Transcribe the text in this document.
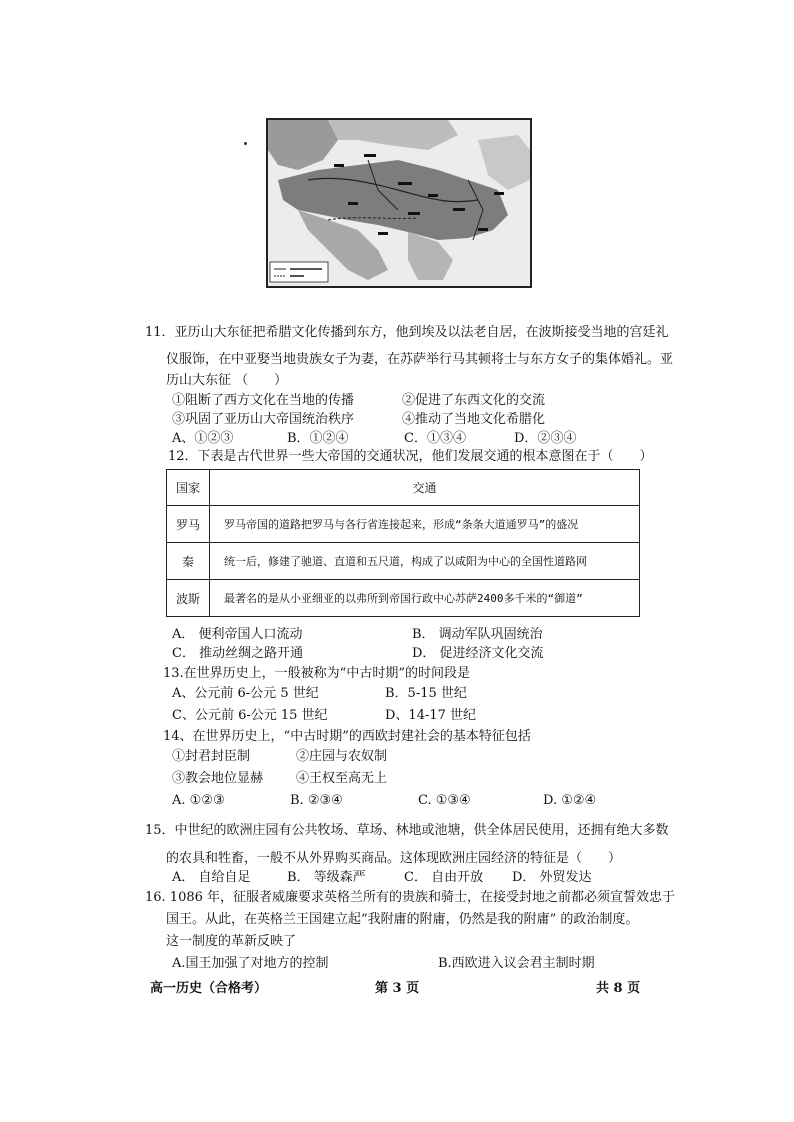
11．亚历山大东征把希腊文化传播到东方，他到埃及以法老自居，在波斯接受当地的宫廷礼
仪服饰，在中亚娶当地贵族女子为妻，在苏萨举行马其顿将士与东方女子的集体婚礼。亚
历山大东征 （　　）
①阻断了西方文化在当地的传播	②促进了东西文化的交流
③巩固了亚历山大帝国统治秩序	④推动了当地文化希腊化
A、①②③	B．①②④	C．①③④	D．②③④
12．下表是古代世界一些大帝国的交通状况，他们发展交通的根本意图在于（　　）
国家	交通
罗马	罗马帝国的道路把罗马与各行省连接起来，形成“条条大道通罗马”的盛况
秦	统一后，修建了驰道、直道和五尺道，构成了以咸阳为中心的全国性道路网
波斯	最著名的是从小亚细亚的以弗所到帝国行政中心苏萨2400多千米的“御道”
A． 便利帝国人口流动	B． 调动军队巩固统治
C． 推动丝绸之路开通	D． 促进经济文化交流
13.在世界历史上，一般被称为“中古时期”的时间段是
A、公元前 6-公元 5 世纪	B．5-15 世纪
C、公元前 6-公元 15 世纪	D、14-17 世纪
14、在世界历史上，“中古时期”的西欧封建社会的基本特征包括
①封君封臣制	②庄园与农奴制
③教会地位显赫	④王权至高无上
A. ①②③	B. ②③④	C. ①③④	D. ①②④
15．中世纪的欧洲庄园有公共牧场、草场、林地或池塘，供全体居民使用，还拥有绝大多数
的农具和牲畜，一般不从外界购买商品。这体现欧洲庄园经济的特征是（　　）
A． 自给自足	B． 等级森严	C． 自由开放 D． 外贸发达
16. 1086 年，征服者威廉要求英格兰所有的贵族和骑士，在接受封地之前都必须宣誓效忠于
国王。从此，在英格兰王国建立起“我附庸的附庸，仍然是我的附庸” 的政治制度。
这一制度的革新反映了
A.国王加强了对地方的控制	B.西欧进入议会君主制时期
高一历史（合格考）	第 3 页	共 8 页
